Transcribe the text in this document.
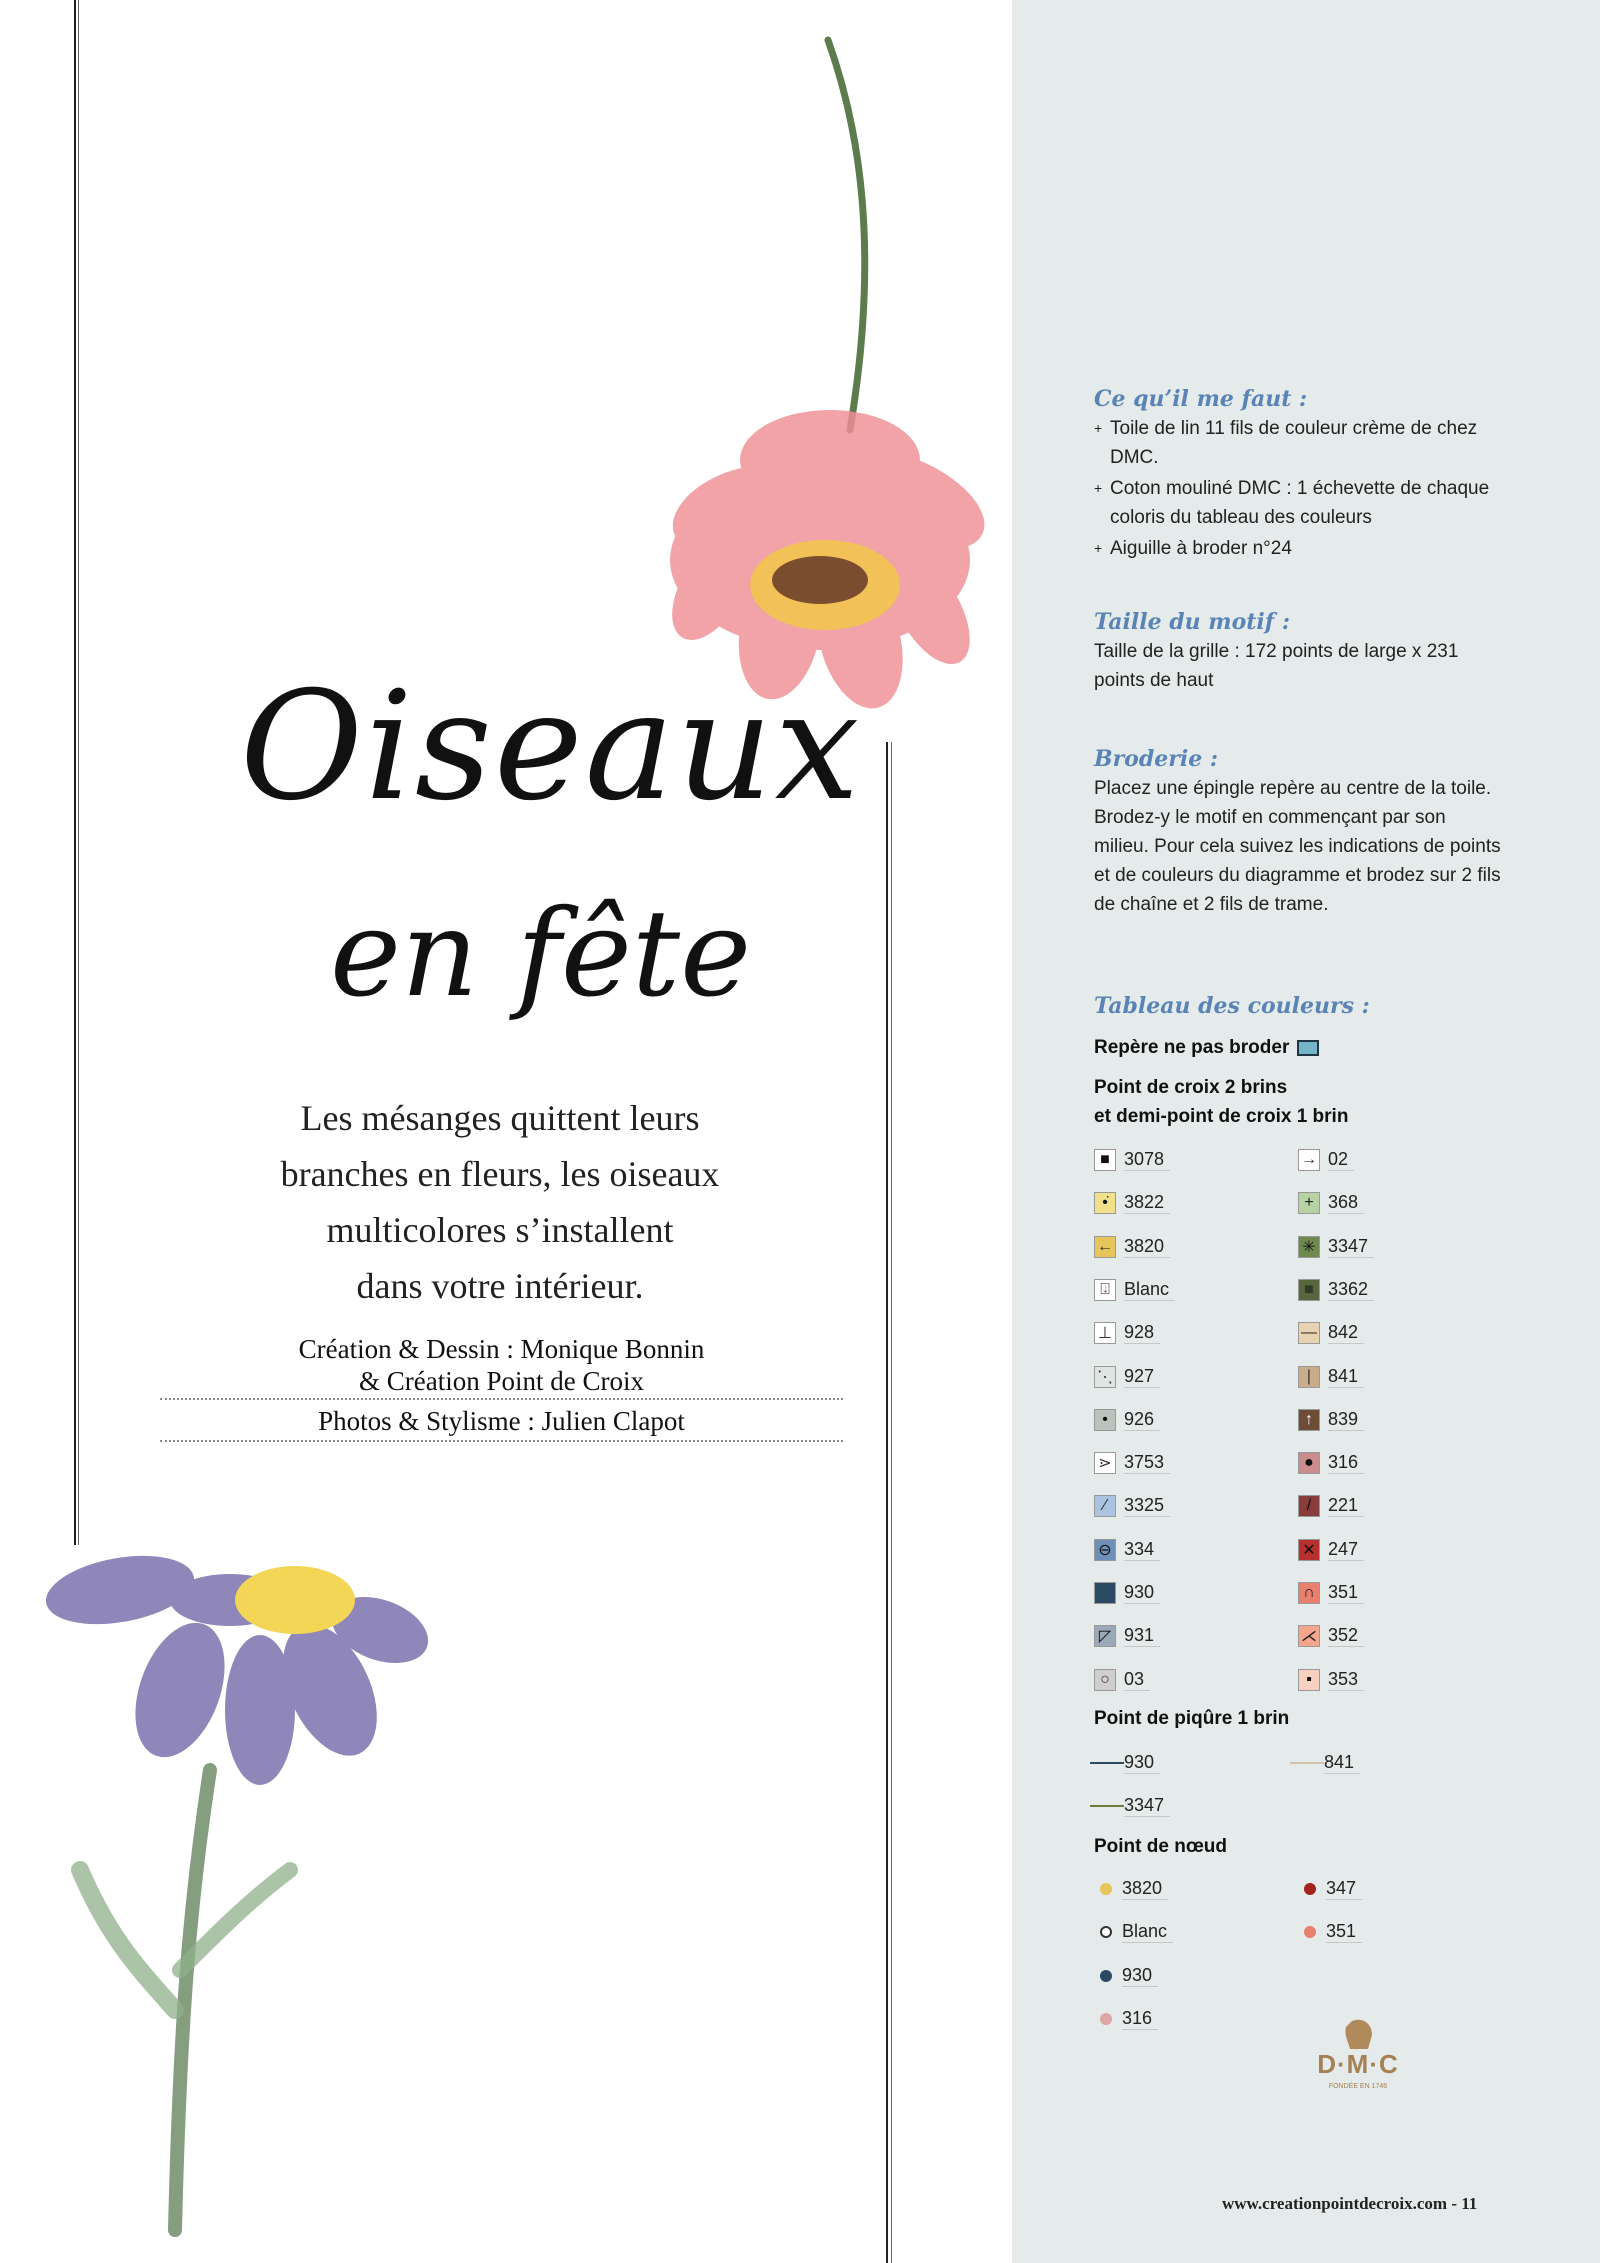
Oiseaux
en fête
Les mésanges quittent leurs
branches en fleurs, les oiseaux
multicolores s’installent
dans votre intérieur.
Création & Dessin : Monique Bonnin
& Création Point de Croix
Photos & Stylisme : Julien Clapot
Ce qu’il me faut :
+ Toile de lin 11 fils de couleur crème de chez DMC.
+ Coton mouliné DMC : 1 échevette de chaque coloris du tableau des couleurs
+ Aiguille à broder n°24
Taille du motif :
Taille de la grille : 172 points de large x 231 points de haut
Broderie :
Placez une épingle repère au centre de la toile. Brodez-y le motif en commençant par son milieu. Pour cela suivez les indications de points et de couleurs du diagramme et brodez sur 2 fils de chaîne et 2 fils de trame.
Tableau des couleurs :
Repère ne pas broder
Point de croix 2 brins
et demi-point de croix 1 brin
■ 3078
•̇ 3822
← 3820
⍗ Blanc
⊥ 928
⋱ 927
• 926
⋗ 3753
⁄ 3325
⊖ 334
930
◸ 931
○ 03
→ 02
+ 368
✳ 3347
■ 3362
— 842
| 841
↑ 839
● 316
/ 221
✕ 247
∩ 351
⋌ 352
▪ 353
Point de piqûre 1 brin
930	841
3347
Point de nœud
3820
Blanc
930
316
347
351
D·M·C
FONDÉE EN 1746
www.creationpointdecroix.com - 11
